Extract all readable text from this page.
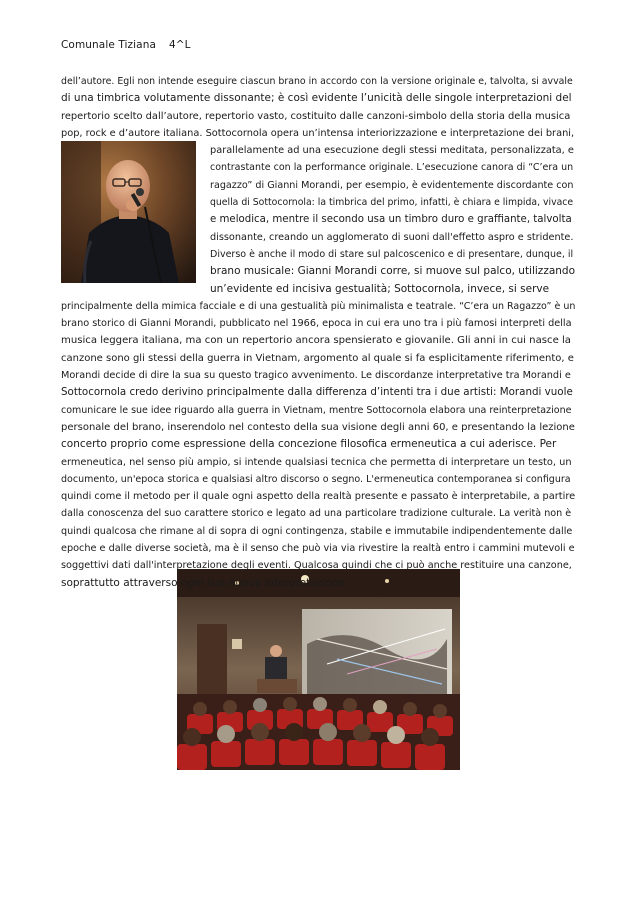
Comunale Tiziana 4^L
dell’autore. Egli non intende eseguire ciascun brano in accordo con la versione originale e, talvolta, si avvale
di una timbrica volutamente dissonante; è così evidente l’unicità delle singole interpretazioni del
repertorio scelto dall’autore, repertorio vasto, costituito dalle canzoni-simbolo della storia della musica
pop, rock e d’autore italiana. Sottocornola opera un’intensa interiorizzazione e interpretazione dei brani,
parallelamente ad una esecuzione degli stessi meditata, personalizzata, e
contrastante con la performance originale. L’esecuzione canora di “C’era un
ragazzo” di Gianni Morandi, per esempio, è evidentemente discordante con
quella di Sottocornola: la timbrica del primo, infatti, è chiara e limpida, vivace
e melodica, mentre il secondo usa un timbro duro e graffiante, talvolta
dissonante, creando un agglomerato di suoni dall'effetto aspro e stridente.
Diverso è anche il modo di stare sul palcoscenico e di presentare, dunque, il
brano musicale: Gianni Morandi corre, si muove sul palco, utilizzando
un’evidente ed incisiva gestualità; Sottocornola, invece, si serve
principalmente della mimica facciale e di una gestualità più minimalista e teatrale. “C’era un Ragazzo” è un
brano storico di Gianni Morandi, pubblicato nel 1966, epoca in cui era uno tra i più famosi interpreti della
musica leggera italiana, ma con un repertorio ancora spensierato e giovanile. Gli anni in cui nasce la
canzone sono gli stessi della guerra in Vietnam, argomento al quale si fa esplicitamente riferimento, e
Morandi decide di dire la sua su questo tragico avvenimento. Le discordanze interpretative tra Morandi e
Sottocornola credo derivino principalmente dalla differenza d’intenti tra i due artisti: Morandi vuole
comunicare le sue idee riguardo alla guerra in Vietnam, mentre Sottocornola elabora una reinterpretazione
personale del brano, inserendolo nel contesto della sua visione degli anni 60, e presentando la lezione
concerto proprio come espressione della concezione filosofica ermeneutica a cui aderisce. Per
ermeneutica, nel senso più ampio, si intende qualsiasi tecnica che permetta di interpretare un testo, un
documento, un'epoca storica e qualsiasi altro discorso o segno. L'ermeneutica contemporanea si configura
quindi come il metodo per il quale ogni aspetto della realtà presente e passato è interpretabile, a partire
dalla conoscenza del suo carattere storico e legato ad una particolare tradizione culturale. La verità non è
quindi qualcosa che rimane al di sopra di ogni contingenza, stabile e immutabile indipendentemente dalle
epoche e dalle diverse società, ma è il senso che può via via rivestire la realtà entro i cammini mutevoli e
soggettivi dati dall'interpretazione degli eventi. Qualcosa quindi che ci può anche restituire una canzone,
soprattutto attraverso ogni sua nuova interpretazione.
